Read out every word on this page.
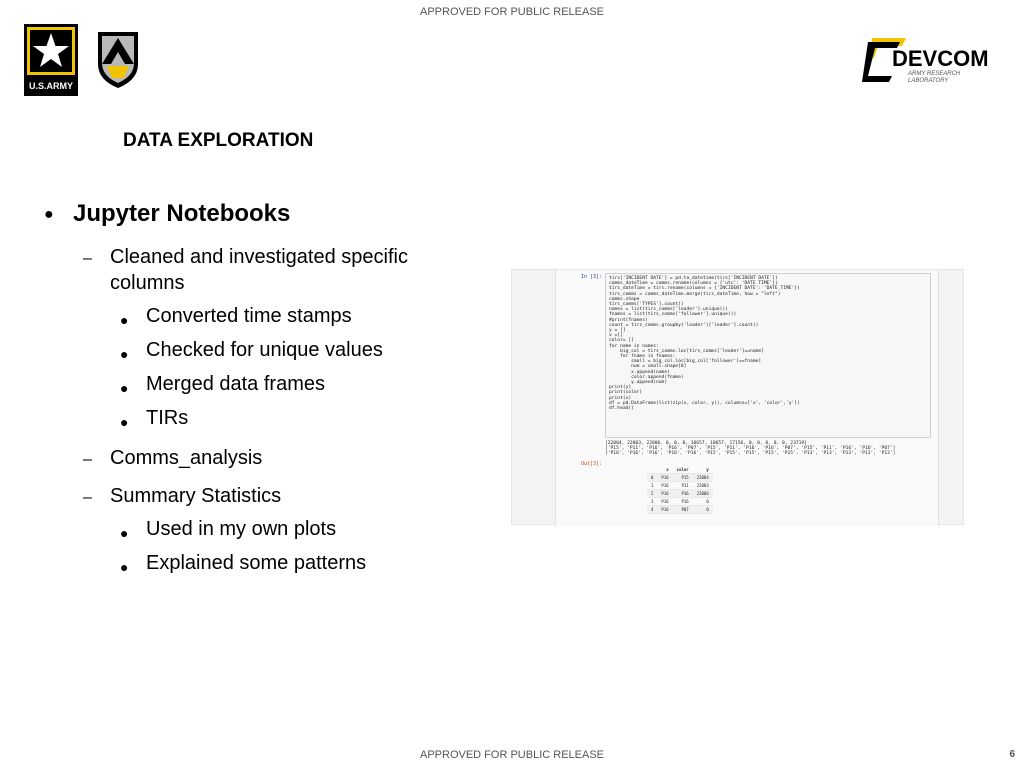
APPROVED FOR PUBLIC RELEASE
U.S.ARMY
DEVCOM
ARMY RESEARCH
LABORATORY
DATA EXPLORATION
● Jupyter Notebooks
– Cleaned and investigated specific columns
● Converted time stamps
● Checked for unique values
● Merged data frames
● TIRs
– Comms_analysis
– Summary Statistics
● Used in my own plots
● Explained some patterns
In [3]: tirs['INCIDENT DATE'] = pd.to_datetime(tirs['INCIDENT DATE'])
comms_dateTime = comms.rename(columns = {'utc': 'DATE TIME'})
tirs_dateTime = tirs.rename(columns = {'INCIDENT DATE': 'DATE_TIME'})
tirs_comms = comms_dateTime.merge(tirs_dateTime, how = "left")
comms.shape
tirs_comms['TYPES'].count()
names = list(tirs_comms['leader'].unique())
fnames = list(tirs_comms['follower'].unique())
#print(fnames)
count = tirs_comms.groupby('leader')['leader'].count()
y = []
x =[]
color= []
for name in names:
big_col = tirs_comms.loc[tirs_comms['leader']==name]
for fname in fnames:
small = big_col.loc[big_col['follower']==fname]
num = small.shape[0]
x.append(name)
color.append(fname)
y.append(num)
print(y)
print(color)
print(x)
df = pd.DataFrame(list(zip(x, color, y)), columns=['x', 'color','y'])
df.head()
[22004, 22003, 22006, 0, 0, 0, 10657, 10657, 17156, 0, 0, 0, 0, 0, 23719]
['P15', 'P11', 'P16', 'P16', 'P07', 'P15', 'P11', 'P16', 'P16', 'P07', 'P15', 'P11', 'P16', 'P16', 'P07']
['P16', 'P16', 'P16', 'P16', 'P16', 'P15', 'P15', 'P15', 'P15', 'P15', 'P13', 'P13', 'P13', 'P13', 'P13']
Out[3]:
	x	color	y
0	P16	P15	22004
1	P16	P11	22003
2	P16	P16	22006
3	P16	P16	0
4	P16	P07	0
APPROVED FOR PUBLIC RELEASE	6
